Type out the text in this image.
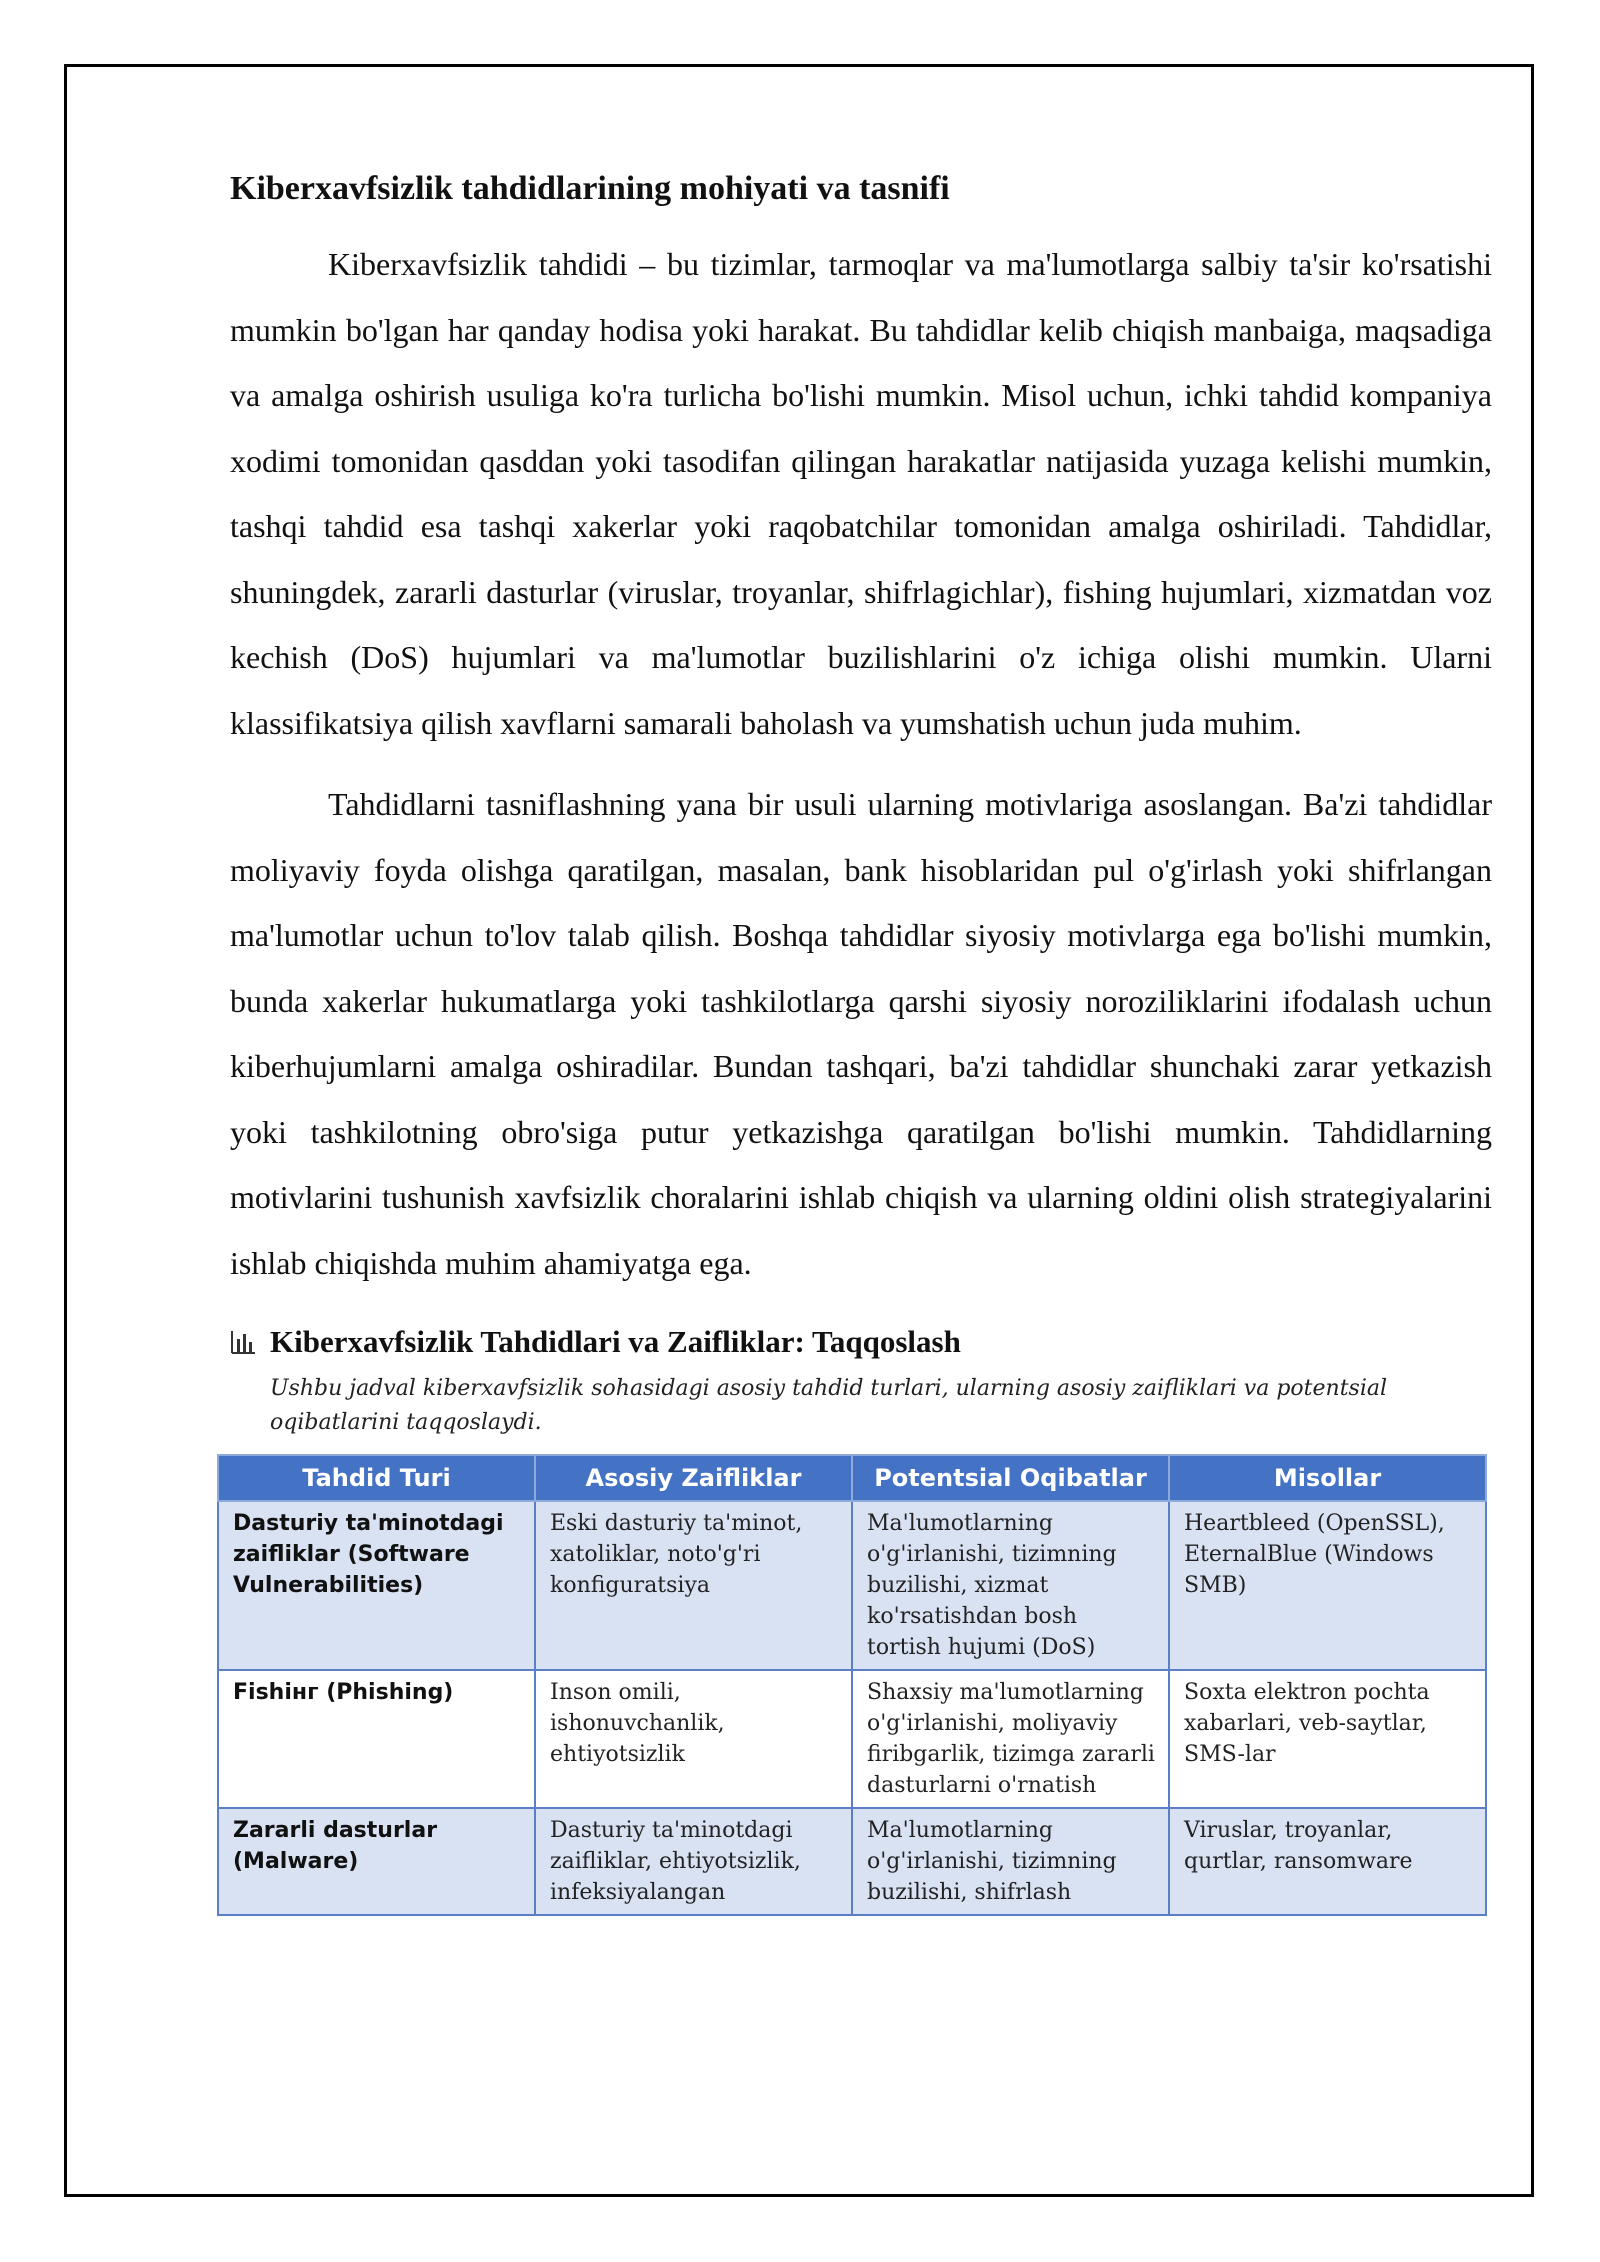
Kiberxavfsizlik tahdidlarining mohiyati va tasnifi

Kiberxavfsizlik tahdidi – bu tizimlar, tarmoqlar va ma'lumotlarga salbiy ta'sir ko'rsatishi mumkin bo'lgan har qanday hodisa yoki harakat. Bu tahdidlar kelib chiqish manbaiga, maqsadiga va amalga oshirish usuliga ko'ra turlicha bo'lishi mumkin. Misol uchun, ichki tahdid kompaniya xodimi tomonidan qasddan yoki tasodifan qilingan harakatlar natijasida yuzaga kelishi mumkin, tashqi tahdid esa tashqi xakerlar yoki raqobatchilar tomonidan amalga oshiriladi. Tahdidlar, shuningdek, zararli dasturlar (viruslar, troyanlar, shifrlagichlar), fishing hujumlari, xizmatdan voz kechish (DoS) hujumlari va ma'lumotlar buzilishlarini o'z ichiga olishi mumkin. Ularni klassifikatsiya qilish xavflarni samarali baholash va yumshatish uchun juda muhim.

Tahdidlarni tasniflashning yana bir usuli ularning motivlariga asoslangan. Ba'zi tahdidlar moliyaviy foyda olishga qaratilgan, masalan, bank hisoblaridan pul o'g'irlash yoki shifrlangan ma'lumotlar uchun to'lov talab qilish. Boshqa tahdidlar siyosiy motivlarga ega bo'lishi mumkin, bunda xakerlar hukumatlarga yoki tashkilotlarga qarshi siyosiy noroziliklarini ifodalash uchun kiberhujumlarni amalga oshiradilar. Bundan tashqari, ba'zi tahdidlar shunchaki zarar yetkazish yoki tashkilotning obro'siga putur yetkazishga qaratilgan bo'lishi mumkin. Tahdidlarning motivlarini tushunish xavfsizlik choralarini ishlab chiqish va ularning oldini olish strategiyalarini ishlab chiqishda muhim ahamiyatga ega.

Kiberxavfsizlik Tahdidlari va Zaifliklar: Taqqoslash
Ushbu jadval kiberxavfsizlik sohasidagi asosiy tahdid turlari, ularning asosiy zaifliklari va potentsial oqibatlarini taqqoslaydi.
Tahdid Turi	Asosiy Zaifliklar	Potentsial Oqibatlar	Misollar
Dasturiy ta'minotdagi zaifliklar (Software Vulnerabilities)	Eski dasturiy ta'minot, xatoliklar, noto'g'ri konfiguratsiya	Ma'lumotlarning o'g'irlanishi, tizimning buzilishi, xizmat ko'rsatishdan bosh tortish hujumi (DoS)	Heartbleed (OpenSSL), EternalBlue (Windows SMB)
Fishiнг (Phishing)	Inson omili, ishonuvchanlik, ehtiyotsizlik	Shaxsiy ma'lumotlarning o'g'irlanishi, moliyaviy firibgarlik, tizimga zararli dasturlarni o'rnatish	Soxta elektron pochta xabarlari, veb-saytlar, SMS-lar
Zararli dasturlar (Malware)	Dasturiy ta'minotdagi zaifliklar, ehtiyotsizlik, infeksiyalangan	Ma'lumotlarning o'g'irlanishi, tizimning buzilishi, shifrlash	Viruslar, troyanlar, qurtlar, ransomware
